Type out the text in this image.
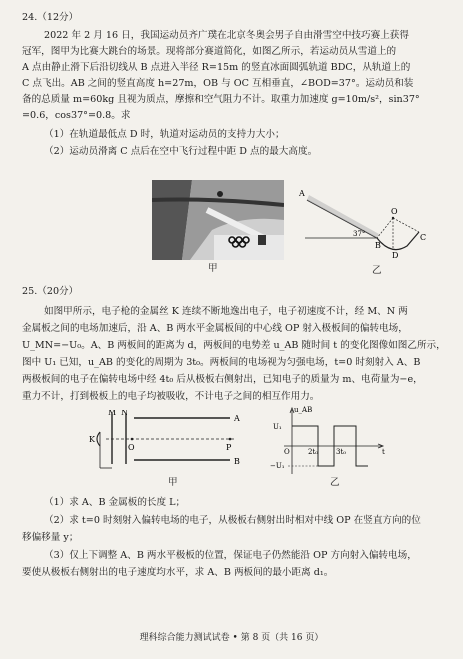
24.（12分）
2022 年 2 月 16 日，我国运动员齐广璞在北京冬奥会男子自由滑雪空中技巧赛上获得
冠军，图甲为比赛大跳台的场景。现将部分赛道简化，如图乙所示，若运动员从雪道上的
A 点由静止滑下后沿切线从 B 点进入半径 R=15m 的竖直冰面圆弧轨道 BDC，从轨道上的
C 点飞出。AB 之间的竖直高度 h=27m，OB 与 OC 互相垂直，∠BOD=37°。运动员和装
备的总质量 m=60kg 且视为质点，摩擦和空气阻力不计。取重力加速度 g=10m/s²，sin37°
=0.6，cos37°=0.8。求
（1）在轨道最低点 D 时，轨道对运动员的支持力大小；
（2）运动员滑离 C 点后在空中飞行过程中距 D 点的最大高度。
甲
A
O
C
B
D
37°
乙
25.（20分）
如图甲所示，电子枪的金属丝 K 连续不断地逸出电子，电子初速度不计，经 M、N 两
金属板之间的电场加速后，沿 A、B 两水平金属板间的中心线 OP 射入极板间的偏转电场，
U_MN=−U₀。A、B 两板间的距离为 d，两板间的电势差 u_AB 随时间 t 的变化图像如图乙所示，
图中 U₁ 已知，u_AB 的变化的周期为 3t₀。两板间的电场视为匀强电场，t=0 时刻射入 A、B
两极板间的电子在偏转电场中经 4t₀ 后从极板右侧射出，已知电子的质量为 m、电荷量为−e，
重力不计，打到极板上的电子均被吸收，不计电子之间的相互作用力。
M N
A
B
K
O	P
甲
u_AB
U₁
−U₁
O	2t₀	3t₀	t
乙
（1）求 A、B 金属板的长度 L；
（2）求 t=0 时刻射入偏转电场的电子，从极板右侧射出时相对中线 OP 在竖直方向的位
移偏移量 y；
（3）仅上下调整 A、B 两水平极板的位置，保证电子仍然能沿 OP 方向射入偏转电场，
要使从极板右侧射出的电子速度均水平，求 A、B 两板间的最小距离 d₁。
理科综合能力测试试卷 • 第 8 页（共 16 页）
